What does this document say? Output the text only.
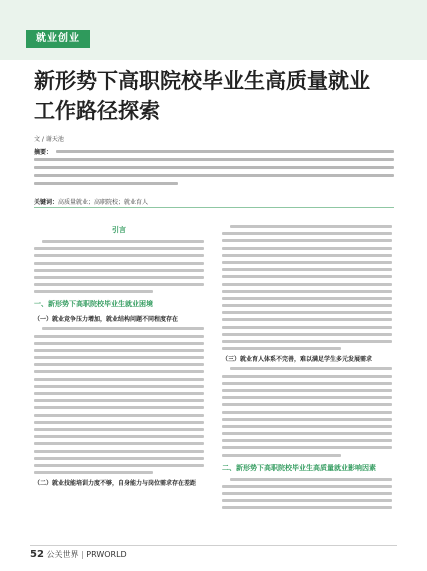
就业创业
新形势下高职院校毕业生高质量就业
工作路径探索
文 / 谢天池
摘要：
关键词：高质量就业；高职院校；就业育人
引言
一、新形势下高职院校毕业生就业困境
（一）就业竞争压力增加，就业结构问题不同程度存在
（二）就业技能培训力度不够，自身能力与岗位需求存在差距
（三）就业育人体系不完善，难以满足学生多元发展需求
二、新形势下高职院校毕业生高质量就业影响因素
52 公关世界 | PRWORLD
